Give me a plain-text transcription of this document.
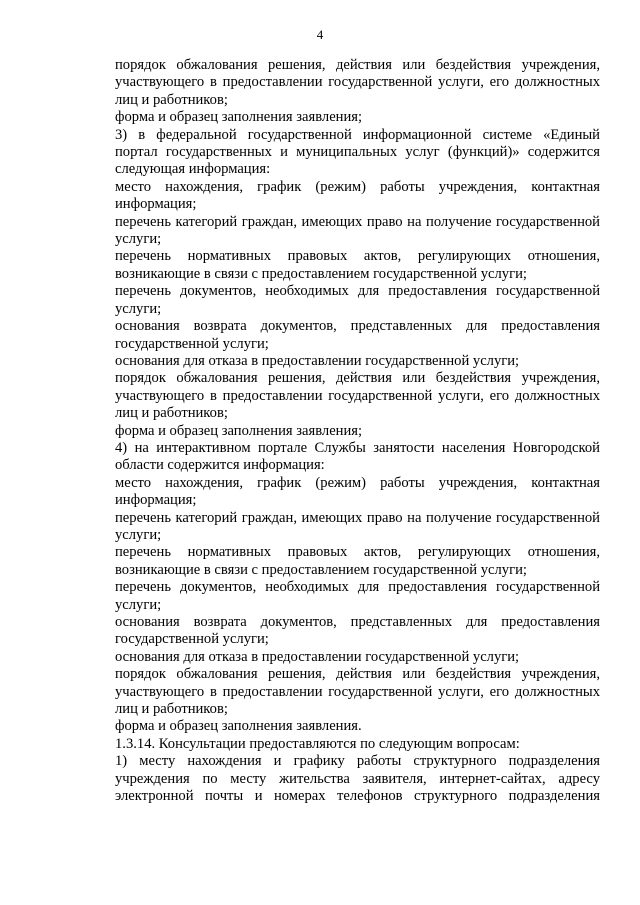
4

порядок обжалования решения, действия или бездействия учреждения, участвующего в предоставлении государственной услуги, его должностных лиц и работников;

форма и образец заполнения заявления;

3) в федеральной государственной информационной системе «Единый портал государственных и муниципальных услуг (функций)» содержится следующая информация:

место нахождения, график (режим) работы учреждения, контактная информация;

перечень категорий граждан, имеющих право на получение государственной услуги;

перечень нормативных правовых актов, регулирующих отношения, возникающие в связи с предоставлением государственной услуги;

перечень документов, необходимых для предоставления государственной услуги;

основания возврата документов, представленных для предоставления государственной услуги;

основания для отказа в предоставлении государственной услуги;

порядок обжалования решения, действия или бездействия учреждения, участвующего в предоставлении государственной услуги, его должностных лиц и работников;

форма и образец заполнения заявления;

4) на интерактивном портале Службы занятости населения Новгородской области содержится информация:

место нахождения, график (режим) работы учреждения, контактная информация;

перечень категорий граждан, имеющих право на получение государственной услуги;

перечень нормативных правовых актов, регулирующих отношения, возникающие в связи с предоставлением государственной услуги;

перечень документов, необходимых для предоставления государственной услуги;

основания возврата документов, представленных для предоставления государственной услуги;

основания для отказа в предоставлении государственной услуги;

порядок обжалования решения, действия или бездействия учреждения, участвующего в предоставлении государственной услуги, его должностных лиц и работников;

форма и образец заполнения заявления.

1.3.14. Консультации предоставляются по следующим вопросам:

1) месту нахождения и графику работы структурного подразделения учреждения по месту жительства заявителя, интернет-сайтах, адресу электронной почты и номерах телефонов структурного подразделения
